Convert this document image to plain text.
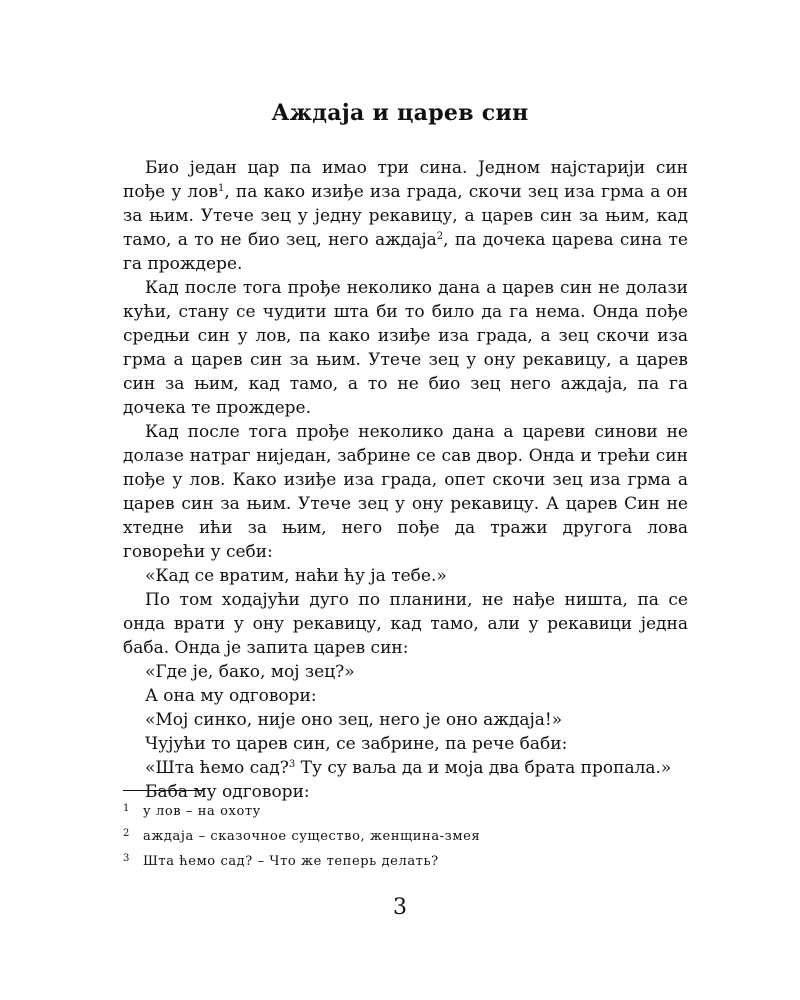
Аждаја и царев син

Био један цар па имао три сина. Једном најстарији син пође у лов$^1$, па како изиђе иза града, скочи зец иза грма а он за њим. Утече зец у једну рекавицу, а царев син за њим, кад тамо, а то не био зец, него аждаја$^2$, па дочека царева сина те га прождере.

Кад после тога прође неколико дана а царев син не долази кући, стану се чудити шта би то било да га нема. Онда пође средњи син у лов, па како изиђе иза града, а зец скочи иза грма а царев син за њим. Утече зец у ону рекавицу, а царев син за њим, кад тамо, а то не био зец него аждаја, па га дочека те прождере.

Кад после тога прође неколико дана а цареви синови не долазе натраг ниједан, забрине се сав двор. Онда и трећи син пође у лов. Како изиђе иза града, опет скочи зец иза грма а царев син за њим. Утече зец у ону рекавицу. А царев Син не хтедне ићи за њим, него пође да тражи другога лова говорећи у себи:

«Кад се вратим, наћи ћу ја тебе.»

По том ходајући дуго по планини, не нађе ништа, па се онда врати у ону рекавицу, кад тамо, али у рекавици једна баба. Онда је запита царев син:

«Где је, бако, мој зец?»

А она му одговори:

«Мој синко, није оно зец, него је оно аждаја!»

Чујући то царев син, се забрине, па рече баби:

«Шта ћемо сад?$^3$ Ту су ваља да и моја два брата пропала.»

Баба му одговори:

1 у лов – на охоту
2 аждаја – сказочное существо, женщина-змея
3 Шта ћемо сад? – Что же теперь делать?
3
